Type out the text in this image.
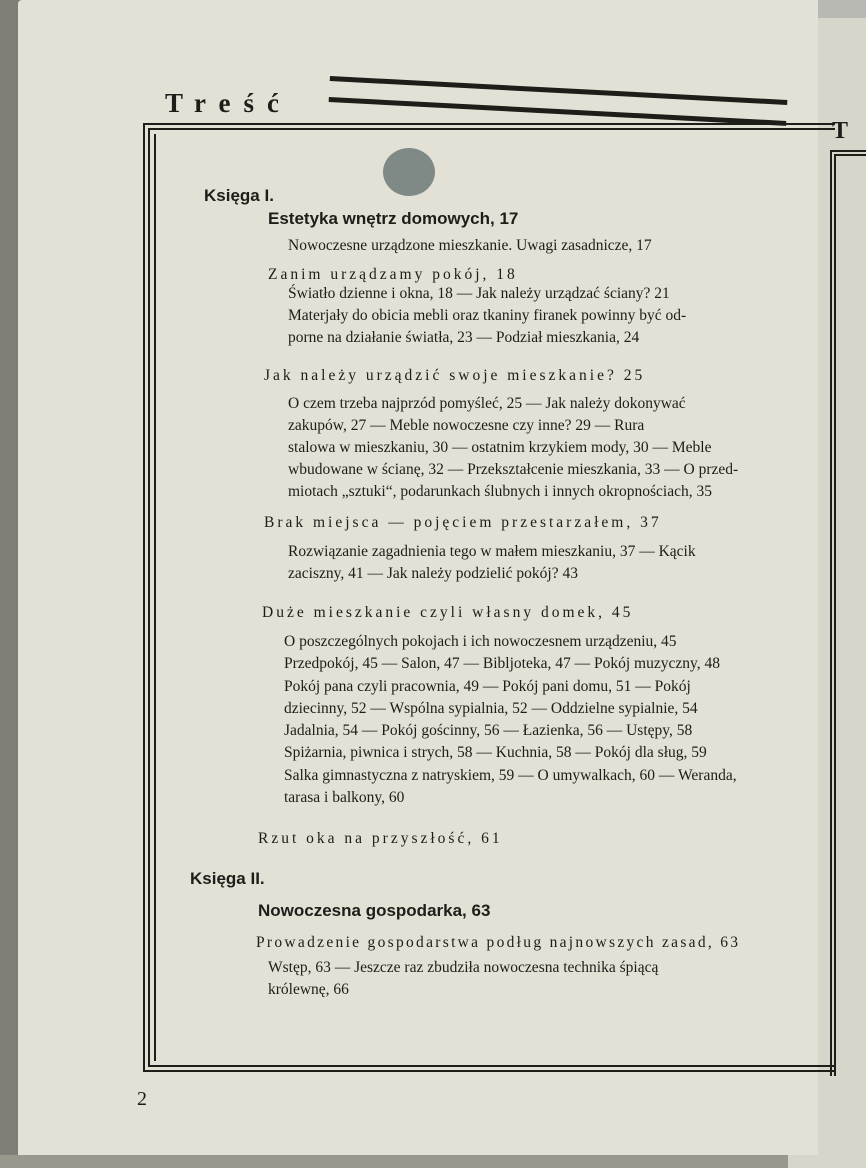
T
Treść
Księga I.
Estetyka wnętrz domowych, 17
Nowoczesne urządzone mieszkanie. Uwagi zasadnicze, 17
Zanim urządzamy pokój, 18
Światło dzienne i okna, 18 — Jak należy urządzać ściany? 21
Materjały do obicia mebli oraz tkaniny firanek powinny być od-
porne na działanie światła, 23 — Podział mieszkania, 24
Jak należy urządzić swoje mieszkanie? 25
O czem trzeba najprzód pomyśleć, 25 — Jak należy dokonywać
zakupów, 27 — Meble nowoczesne czy inne? 29 — Rura
stalowa w mieszkaniu, 30 — ostatnim krzykiem mody, 30 — Meble
wbudowane w ścianę, 32 — Przekształcenie mieszkania, 33 — O przed-
miotach „sztuki“, podarunkach ślubnych i innych okropnościach, 35
Brak miejsca — pojęciem przestarzałem, 37
Rozwiązanie zagadnienia tego w małem mieszkaniu, 37 — Kącik
zaciszny, 41 — Jak należy podzielić pokój? 43
Duże mieszkanie czyli własny domek, 45
O poszczególnych pokojach i ich nowoczesnem urządzeniu, 45
Przedpokój, 45 — Salon, 47 — Bibljoteka, 47 — Pokój muzyczny, 48
Pokój pana czyli pracownia, 49 — Pokój pani domu, 51 — Pokój
dziecinny, 52 — Wspólna sypialnia, 52 — Oddzielne sypialnie, 54
Jadalnia, 54 — Pokój gościnny, 56 — Łazienka, 56 — Ustępy, 58
Spiżarnia, piwnica i strych, 58 — Kuchnia, 58 — Pokój dla sług, 59
Salka gimnastyczna z natryskiem, 59 — O umywalkach, 60 — Weranda,
tarasa i balkony, 60
Rzut oka na przyszłość, 61
Księga II.
Nowoczesna gospodarka, 63
Prowadzenie gospodarstwa podług najnowszych zasad, 63
Wstęp, 63 — Jeszcze raz zbudziła nowoczesna technika śpiącą
królewnę, 66
2
